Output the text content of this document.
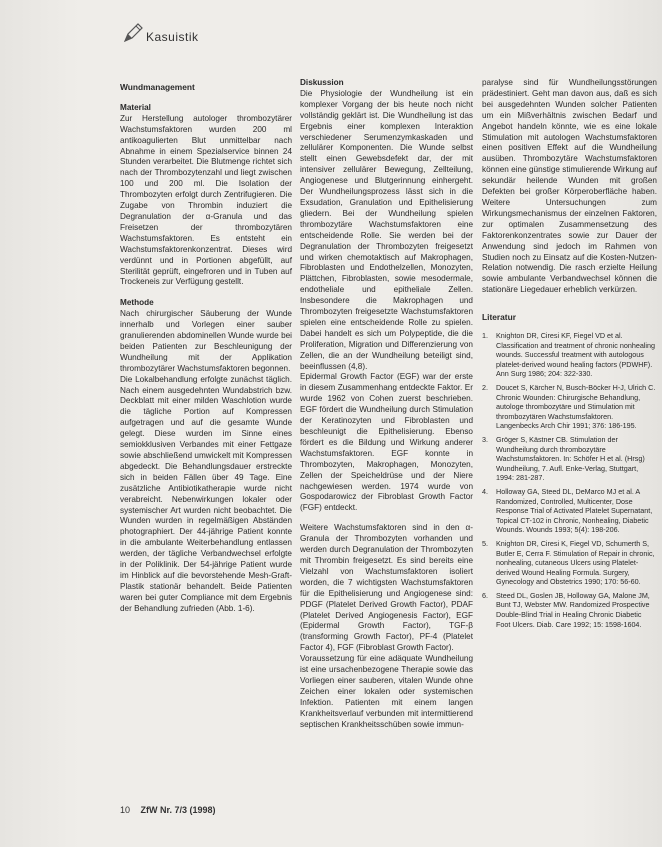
Kasuistik

Wundmanagement

Material

Zur Herstellung autologer thrombozytärer Wachstumsfaktoren wurden 200 ml antikoagulierten Blut unmittelbar nach Abnahme in einem Spezialservice binnen 24 Stunden verarbeitet. Die Blutmenge richtet sich nach der Thrombozytenzahl und liegt zwischen 100 und 200 ml. Die Isolation der Thrombozyten erfolgt durch Zentrifugieren. Die Zugabe von Thrombin induziert die Degranulation der α-Granula und das Freisetzen der thrombozytären Wachstumsfaktoren. Es entsteht ein Wachstumsfaktorenkonzentrat. Dieses wird verdünnt und in Portionen abgefüllt, auf Sterilität geprüft, eingefroren und in Tuben auf Trockeneis zur Verfügung gestellt.

Methode

Nach chirurgischer Säuberung der Wunde innerhalb und Vorlegen einer sauber granulierenden abdominellen Wunde wurde bei beiden Patienten zur Beschleunigung der Wundheilung mit der Applikation thrombozytärer Wachstumsfaktoren begonnen.

Die Lokalbehandlung erfolgte zunächst täglich. Nach einem ausgedehnten Wundabstrich bzw. Deckblatt mit einer milden Waschlotion wurde die tägliche Portion auf Kompressen aufgetragen und auf die gesamte Wunde gelegt. Diese wurden im Sinne eines semiokklusiven Verbandes mit einer Fettgaze sowie abschließend umwickelt mit Kompressen abgedeckt. Die Behandlungsdauer erstreckte sich in beiden Fällen über 49 Tage. Eine zusätzliche Antibiotikatherapie wurde nicht verabreicht. Nebenwirkungen lokaler oder systemischer Art wurden nicht beobachtet. Die Wunden wurden in regelmäßigen Abständen photographiert. Der 44-jährige Patient konnte in die ambulante Weiterbehandlung entlassen werden, der tägliche Verbandwechsel erfolgte in der Poliklinik. Der 54-jährige Patient wurde im Hinblick auf die bevorstehende Mesh-Graft-Plastik stationär behandelt. Beide Patienten waren bei guter Compliance mit dem Ergebnis der Behandlung zufrieden (Abb. 1-6).

Diskussion

Die Physiologie der Wundheilung ist ein komplexer Vorgang der bis heute noch nicht vollständig geklärt ist. Die Wundheilung ist das Ergebnis einer komplexen Interaktion verschiedener Serumenzymkaskaden und zellulärer Komponenten. Die Wunde selbst stellt einen Gewebsdefekt dar, der mit intensiver zellulärer Bewegung, Zellteilung, Angiogenese und Blutgerinnung einhergeht. Der Wundheilungsprozess lässt sich in die Exsudation, Granulation und Epithelisierung gliedern. Bei der Wundheilung spielen thrombozytäre Wachstumsfaktoren eine entscheidende Rolle. Sie werden bei der Degranulation der Thrombozyten freigesetzt und wirken chemotaktisch auf Makrophagen, Fibroblasten und Endothelzellen, Monozyten, Plättchen, Fibroblasten, sowie mesodermale, endotheliale und epitheliale Zellen. Insbesondere die Makrophagen und Thrombozyten freigesetzte Wachstumsfaktoren spielen eine entscheidende Rolle zu spielen. Dabei handelt es sich um Polypeptide, die die Proliferation, Migration und Differenzierung von Zellen, die an der Wundheilung beteiligt sind, beeinflussen (4,8).

Epidermal Growth Factor (EGF) war der erste in diesem Zusammenhang entdeckte Faktor. Er wurde 1962 von Cohen zuerst beschrieben. EGF fördert die Wundheilung durch Stimulation der Keratinozyten und Fibroblasten und beschleunigt die Epithelisierung. Ebenso fördert es die Bildung und Wirkung anderer Wachstumsfaktoren. EGF konnte in Thrombozyten, Makrophagen, Monozyten, Zellen der Speicheldrüse und der Niere nachgewiesen werden. 1974 wurde von Gospodarowicz der Fibroblast Growth Factor (FGF) entdeckt.

Weitere Wachstumsfaktoren sind in den α-Granula der Thrombozyten vorhanden und werden durch Degranulation der Thrombozyten mit Thrombin freigesetzt. Es sind bereits eine Vielzahl von Wachstumsfaktoren isoliert worden, die 7 wichtigsten Wachstumsfaktoren für die Epithelisierung und Angiogenese sind: PDGF (Platelet Derived Growth Factor), PDAF (Platelet Derived Angiogenesis Factor), EGF (Epidermal Growth Factor), TGF-β (transforming Growth Factor), PF-4 (Platelet Factor 4), FGF (Fibroblast Growth Factor).

Voraussetzung für eine adäquate Wundheilung ist eine ursachenbezogene Therapie sowie das Vorliegen einer sauberen, vitalen Wunde ohne Zeichen einer lokalen oder systemischen Infektion. Patienten mit einem langen Krankheitsverlauf verbunden mit intermittierend septischen Krankheitsschüben sowie immun-

paralyse sind für Wundheilungsstörungen prädestiniert. Geht man davon aus, daß es sich bei ausgedehnten Wunden solcher Patienten um ein Mißverhältnis zwischen Bedarf und Angebot handeln könnte, wie es eine lokale Stimulation mit autologen Wachstumsfaktoren einen positiven Effekt auf die Wundheilung ausüben. Thrombozytäre Wachstumsfaktoren können eine günstige stimulierende Wirkung auf sekundär heilende Wunden mit großen Defekten bei großer Körperoberfläche haben. Weitere Untersuchungen zum Wirkungsmechanismus der einzelnen Faktoren, zur optimalen Zusammensetzung des Faktorenkonzentrates sowie zur Dauer der Anwendung sind jedoch im Rahmen von Studien noch zu Einsatz auf die Kosten-Nutzen-Relation notwendig. Die rasch erzielte Heilung sowie ambulante Verbandwechsel können die stationäre Liegedauer erheblich verkürzen.

Literatur

1.	Knighton DR, Ciresi KF, Fiegel VD et al. Classification and treatment of chronic nonhealing wounds. Successful treatment with autologous platelet-derived wound healing factors (PDWHF). Ann Surg 1986; 204: 322-330.
2.	Doucet S, Kärcher N, Busch-Böcker H-J, Ulrich C. Chronic Wounden: Chirurgische Behandlung, autologe thrombozytäre und Stimulation mit thrombozytären Wachstumsfaktoren. Langenbecks Arch Chir 1991; 376: 186-195.
3.	Gröger S, Kästner CB. Stimulation der Wundheilung durch thrombozytäre Wachstumsfaktoren. In: Schöfer H et al. (Hrsg) Wundheilung, 7. Aufl. Enke-Verlag, Stuttgart, 1994: 281-287.
4.	Holloway GA, Steed DL, DeMarco MJ et al. A Randomized, Controlled, Multicenter, Dose Response Trial of Activated Platelet Supernatant, Topical CT-102 in Chronic, Nonhealing, Diabetic Wounds. Wounds 1993; 5(4): 198-206.
5.	Knighton DR, Ciresi K, Fiegel VD, Schumerth S, Butler E, Cerra F. Stimulation of Repair in chronic, nonhealing, cutaneous Ulcers using Platelet-derived Wound Healing Formula. Surgery, Gynecology and Obstetrics 1990; 170: 56-60.
6.	Steed DL, Goslen JB, Holloway GA, Malone JM, Bunt TJ, Webster MW. Randomized Prospective Double-Blind Trial in Healing Chronic Diabetic Foot Ulcers. Diab. Care 1992; 15: 1598-1604.
10 ZfW Nr. 7/3 (1998)
